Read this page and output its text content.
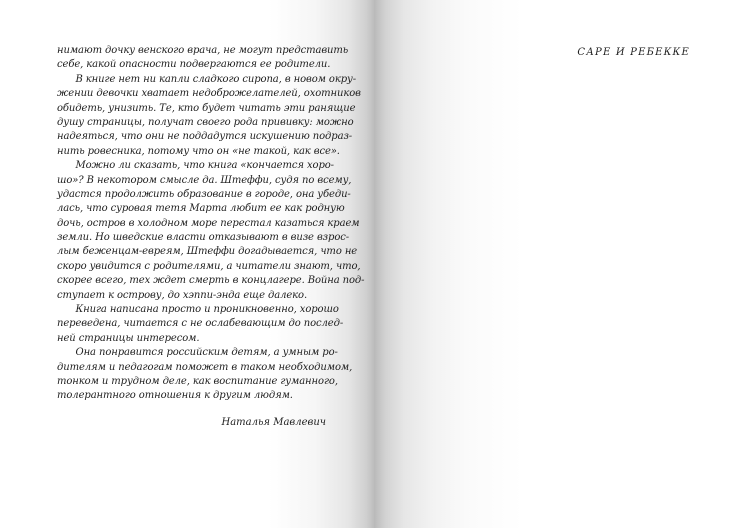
нимают дочку венского врача, не могут представить
себе, какой опасности подвергаются ее родители.
В книге нет ни капли сладкого сиропа, в новом окру-
жении девочки хватает недоброжелателей, охотников
обидеть, унизить. Те, кто будет читать эти ранящие
душу страницы, получат своего рода прививку: можно
надеяться, что они не поддадутся искушению подраз-
нить ровесника, потому что он «не такой, как все».
Можно ли сказать, что книга «кончается хоро-
шо»? В некотором смысле да. Штеффи, судя по всему,
удастся продолжить образование в городе, она убеди-
лась, что суровая тетя Марта любит ее как родную
дочь, остров в холодном море перестал казаться краем
земли. Но шведские власти отказывают в визе взрос-
лым беженцам-евреям, Штеффи догадывается, что не
скоро увидится с родителями, а читатели знают, что,
скорее всего, тех ждет смерть в концлагере. Война под-
ступает к острову, до хэппи-энда еще далеко.
Книга написана просто и проникновенно, хорошо
переведена, читается с не ослабевающим до послед-
ней страницы интересом.
Она понравится российским детям, а умным ро-
дителям и педагогам поможет в таком необходимом,
тонком и трудном деле, как воспитание гуманного,
толерантного отношения к другим людям.
Наталья Мавлевич
САРЕ И РЕБЕККЕ
